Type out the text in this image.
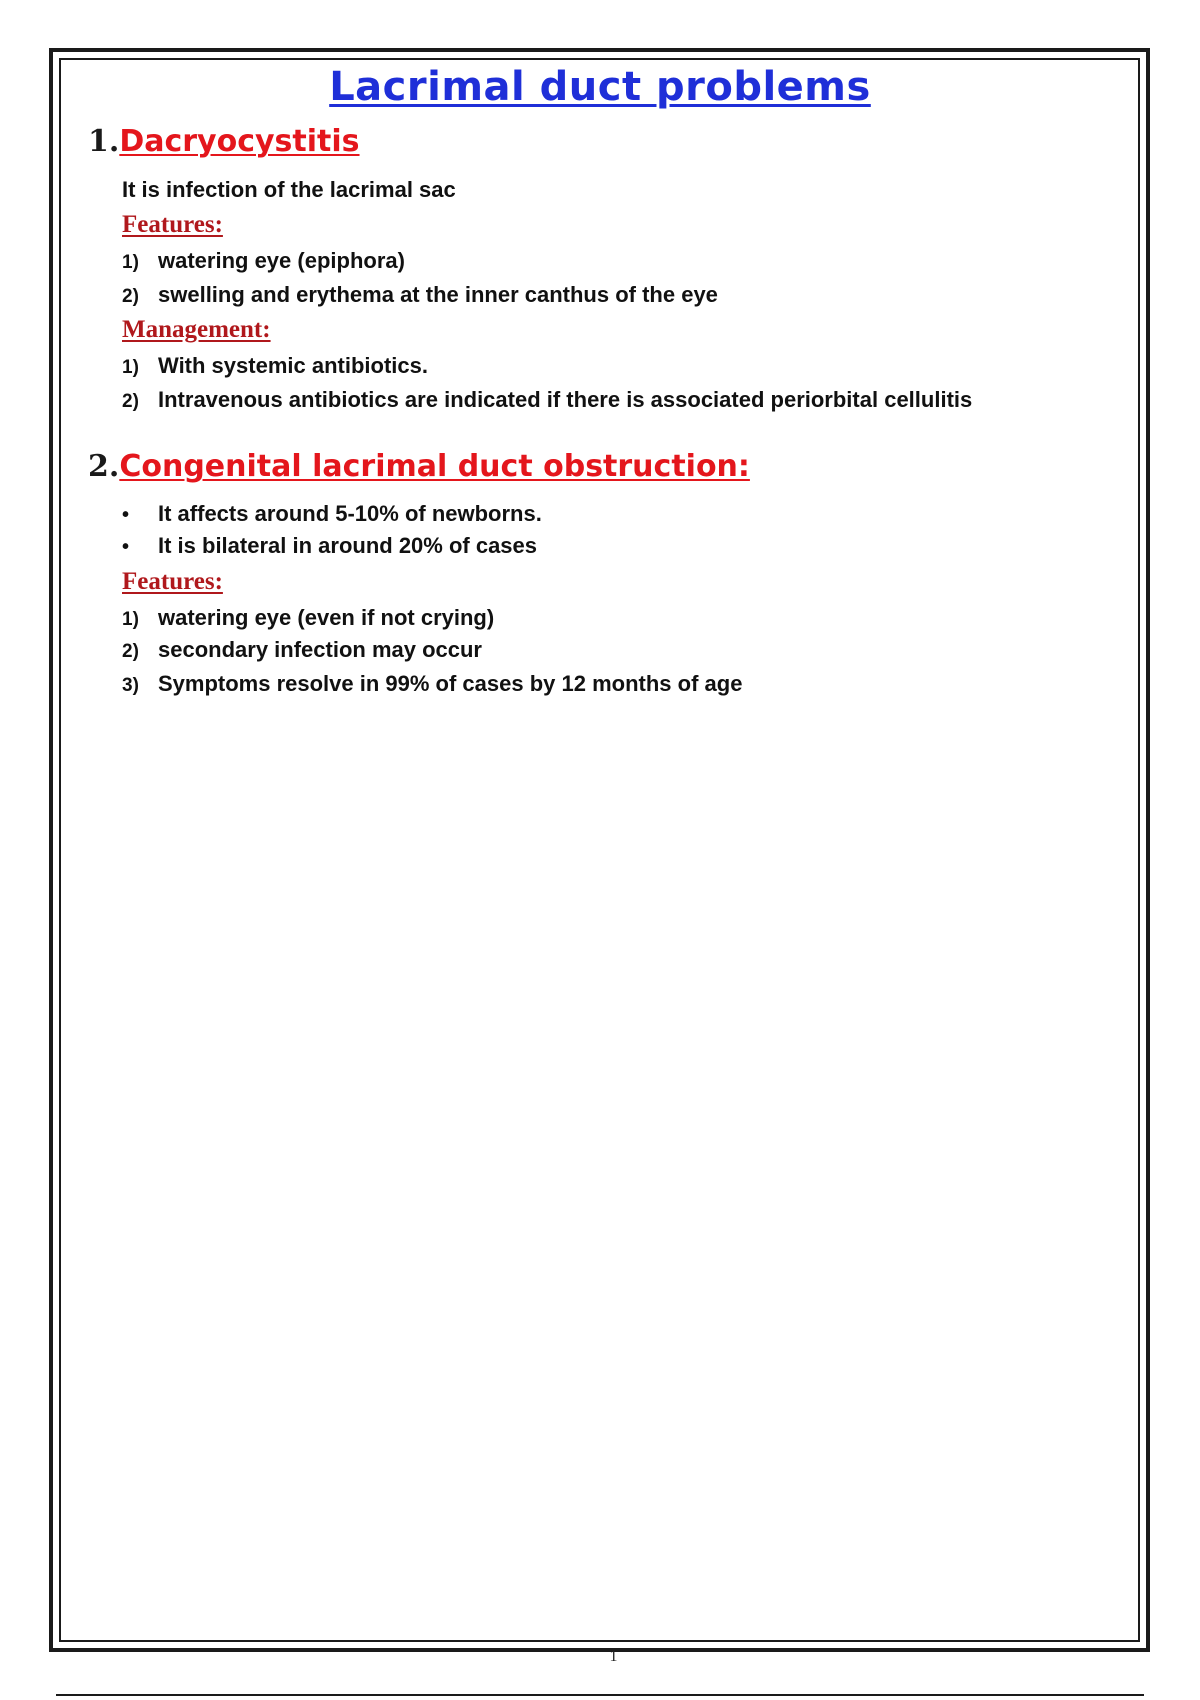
Lacrimal duct problems
1.Dacryocystitis

It is infection of the lacrimal sac

Features:

1) watering eye (epiphora)

2) swelling and erythema at the inner canthus of the eye

Management:

1) With systemic antibiotics.

2) Intravenous antibiotics are indicated if there is associated periorbital cellulitis

2.Congenital lacrimal duct obstruction:

• It affects around 5-10% of newborns.

• It is bilateral in around 20% of cases

Features:

1) watering eye (even if not crying)

2) secondary infection may occur

3) Symptoms resolve in 99% of cases by 12 months of age

1
